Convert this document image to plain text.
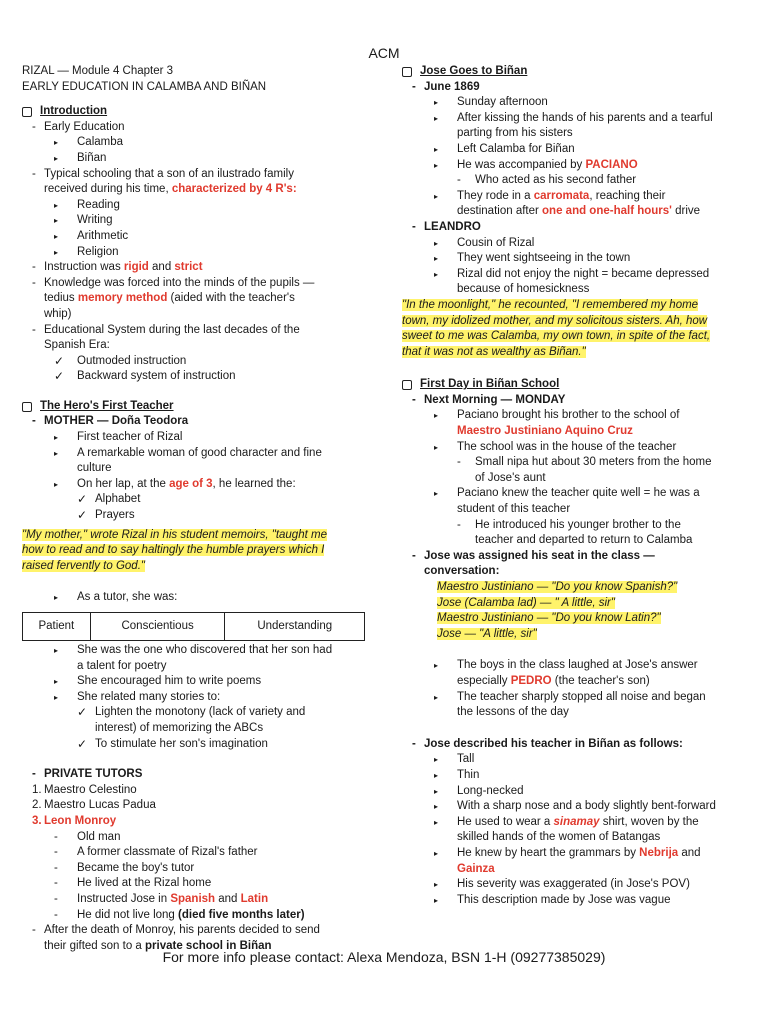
ACM
RIZAL — Module 4 Chapter 3
EARLY EDUCATION IN CALAMBA AND BIÑAN
Introduction
- Early Education
▸	Calamba
▸	Biñan
- Typical schooling that a son of an ilustrado family
received during his time, characterized by 4 R's:
▸	Reading
▸	Writing
▸	Arithmetic
▸	Religion
- Instruction was rigid and strict
- Knowledge was forced into the minds of the pupils —
tedius memory method (aided with the teacher's
whip)
- Educational System during the last decades of the
Spanish Era:
✓	Outmoded instruction
✓	Backward system of instruction
The Hero's First Teacher
- MOTHER — Doña Teodora
▸	First teacher of Rizal
▸	A remarkable woman of good character and fine
culture
▸	On her lap, at the age of 3, he learned the:
✓ Alphabet
✓ Prayers
"My mother," wrote Rizal in his student memoirs, "taught me
how to read and to say haltingly the humble prayers which I
raised fervently to God."
▸	As a tutor, she was:
Patient	Conscientious	Understanding
▸	She was the one who discovered that her son had
a talent for poetry
▸	She encouraged him to write poems
▸	She related many stories to:
✓ Lighten the monotony (lack of variety and
interest) of memorizing the ABCs
✓ To stimulate her son's imagination
- PRIVATE TUTORS
1. Maestro Celestino
2. Maestro Lucas Padua
3. Leon Monroy
-	Old man
-	A former classmate of Rizal's father
-	Became the boy's tutor
-	He lived at the Rizal home
-	Instructed Jose in Spanish and Latin
-	He did not live long (died five months later)
- After the death of Monroy, his parents decided to send
their gifted son to a private school in Biñan
Jose Goes to Biñan
- June 1869
▸	Sunday afternoon
▸	After kissing the hands of his parents and a tearful
parting from his sisters
▸	Left Calamba for Biñan
▸	He was accompanied by PACIANO
-	Who acted as his second father
▸	They rode in a carromata, reaching their
destination after one and one-half hours' drive
- LEANDRO
▸	Cousin of Rizal
▸	They went sightseeing in the town
▸	Rizal did not enjoy the night = became depressed
because of homesickness
"In the moonlight," he recounted, "I remembered my home
town, my idolized mother, and my solicitous sisters. Ah, how
sweet to me was Calamba, my own town, in spite of the fact,
that it was not as wealthy as Biñan."
First Day in Biñan School
- Next Morning — MONDAY
▸	Paciano brought his brother to the school of
Maestro Justiniano Aquino Cruz
▸	The school was in the house of the teacher
-	Small nipa hut about 30 meters from the home
of Jose's aunt
▸	Paciano knew the teacher quite well = he was a
student of this teacher
-	He introduced his younger brother to the
teacher and departed to return to Calamba
- Jose was assigned his seat in the class —
conversation:
Maestro Justiniano — "Do you know Spanish?"
Jose (Calamba lad) — " A little, sir"
Maestro Justiniano — "Do you know Latin?"
Jose — "A little, sir"
▸	The boys in the class laughed at Jose's answer
especially PEDRO (the teacher's son)
▸	The teacher sharply stopped all noise and began
the lessons of the day
- Jose described his teacher in Biñan as follows:
▸	Tall
▸	Thin
▸	Long-necked
▸	With a sharp nose and a body slightly bent-forward
▸	He used to wear a sinamay shirt, woven by the
skilled hands of the women of Batangas
▸	He knew by heart the grammars by Nebrija and
Gainza
▸	His severity was exaggerated (in Jose's POV)
▸	This description made by Jose was vague
For more info please contact: Alexa Mendoza, BSN 1-H (09277385029)
